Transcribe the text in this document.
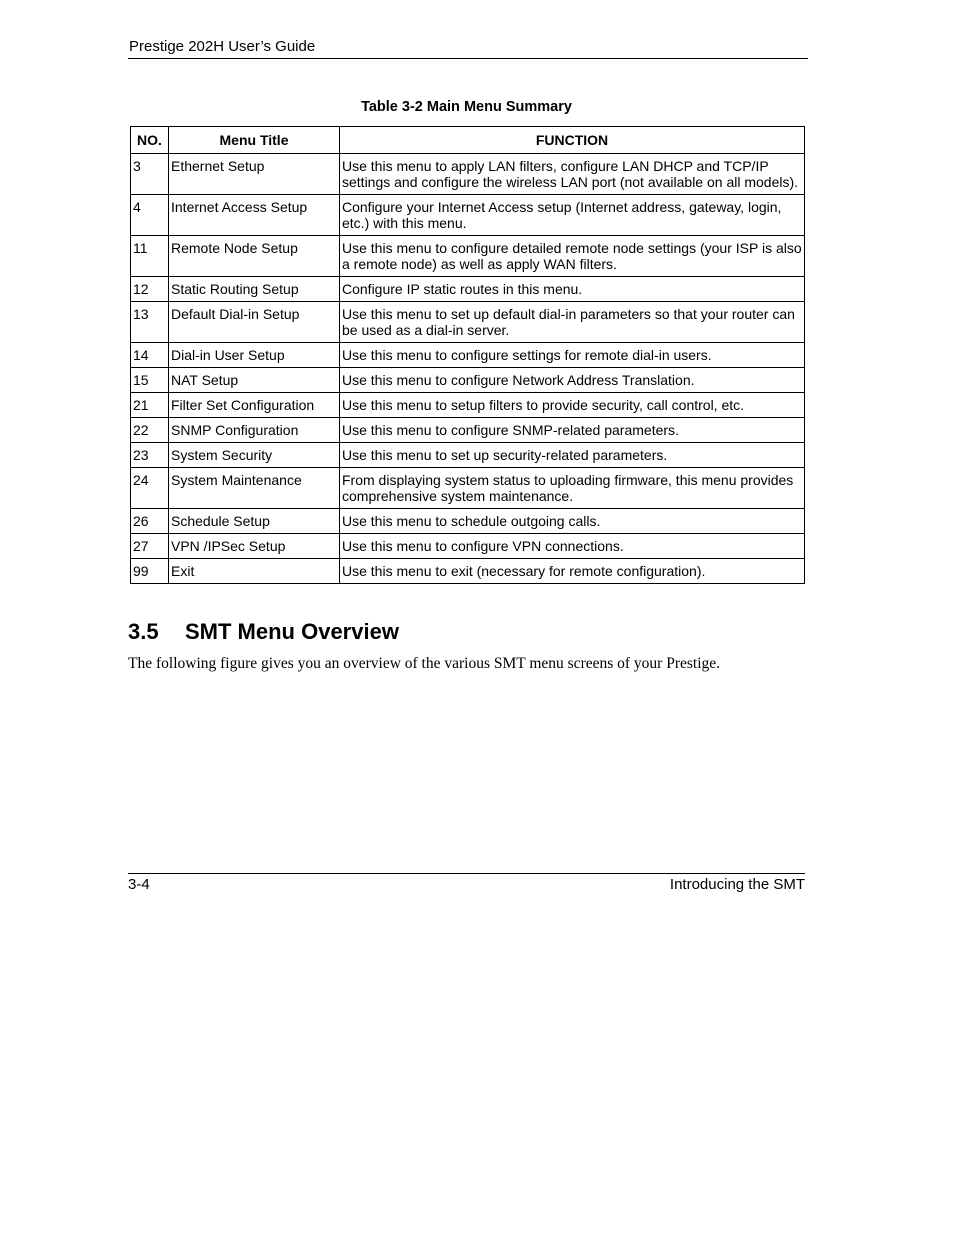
Prestige 202H User’s Guide
Table 3-2 Main Menu Summary
NO.	Menu Title	FUNCTION
3	Ethernet Setup	Use this menu to apply LAN filters, configure LAN DHCP and TCP/IP settings and configure the wireless LAN port (not available on all models).
4	Internet Access Setup	Configure your Internet Access setup (Internet address, gateway, login, etc.) with this menu.
11	Remote Node Setup	Use this menu to configure detailed remote node settings (your ISP is also a remote node) as well as apply WAN filters.
12	Static Routing Setup	Configure IP static routes in this menu.
13	Default Dial-in Setup	Use this menu to set up default dial-in parameters so that your router can be used as a dial-in server.
14	Dial-in User Setup	Use this menu to configure settings for remote dial-in users.
15	NAT Setup	Use this menu to configure Network Address Translation.
21	Filter Set Configuration	Use this menu to setup filters to provide security, call control, etc.
22	SNMP Configuration	Use this menu to configure SNMP-related parameters.
23	System Security	Use this menu to set up security-related parameters.
24	System Maintenance	From displaying system status to uploading firmware, this menu provides comprehensive system maintenance.
26	Schedule Setup	Use this menu to schedule outgoing calls.
27	VPN /IPSec Setup	Use this menu to configure VPN connections.
99	Exit	Use this menu to exit (necessary for remote configuration).
3.5 SMT Menu Overview
The following figure gives you an overview of the various SMT menu screens of your Prestige.
3-4	Introducing the SMT
